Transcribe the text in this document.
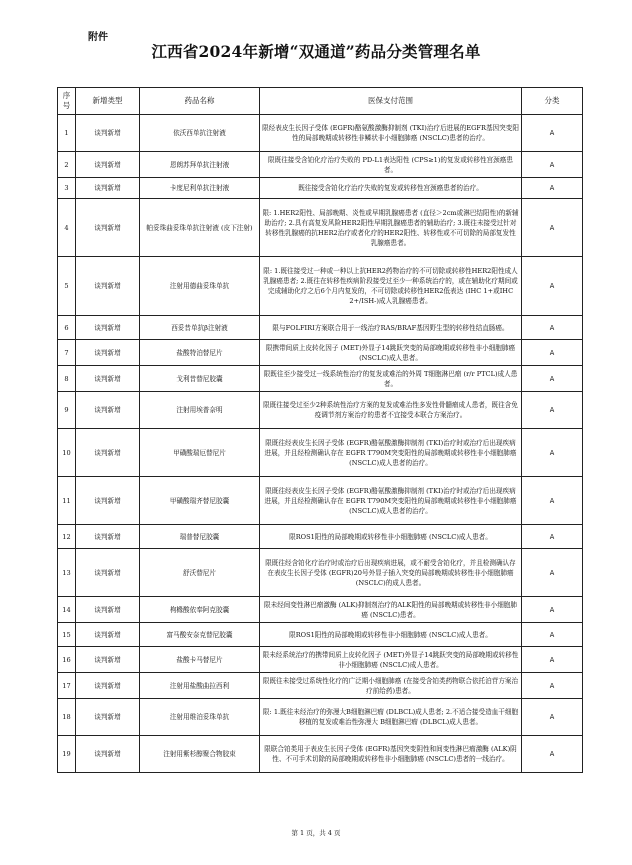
附件
江西省2024年新增“双通道”药品分类管理名单
序号	新增类型	药品名称	医保支付范围	分类
1	谈判新增	依沃西单抗注射液	限经表皮生长因子受体 (EGFR)酪氨酸激酶抑制剂 (TKI)治疗后进展的EGFR基因突变阳性的局部晚期或转移性非鳞状非小细胞肺癌 (NSCLC)患者的治疗。	A
2	谈判新增	恩朗苏拜单抗注射液	限既往接受含铂化疗治疗失败的 PD-L1表达阳性 (CPS≥1)的复发或转移性宫颈癌患者。	A
3	谈判新增	卡度尼利单抗注射液	既往接受含铂化疗治疗失败的复发或转移性宫颈癌患者的治疗。	A
4	谈判新增	帕妥珠曲妥珠单抗注射液 (皮下注射)	限: 1.HER2阳性、局部晚期、炎性或早期乳腺癌患者 (直径＞2cm或淋巴结阳性)的新辅助治疗; 2.具有高复发风险HER2阳性早期乳腺癌患者的辅助治疗; 3.既往未接受过针对转移性乳腺癌的抗HER2治疗或者化疗的HER2阳性、转移性或不可切除的局部复发性乳腺癌患者。	A
5	谈判新增	注射用德曲妥珠单抗	限: 1.既往接受过一种或一种以上抗HER2药物治疗的不可切除或转移性HER2阳性成人乳腺癌患者; 2.既往在转移性疾病阶段接受过至少一种系统治疗的，或在辅助化疗期间或完成辅助化疗之后6个月内复发的，不可切除或转移性HER2低表达 (IHC 1+或IHC 2+/ISH-)成人乳腺癌患者。	A
6	谈判新增	西妥昔单抗β注射液	限与FOLFIRI方案联合用于一线治疗RAS/BRAF基因野生型的转移性结直肠癌。	A
7	谈判新增	盐酸特泊替尼片	限携带间质上皮转化因子 (MET)外显子14跳跃突变的局部晚期或转移性非小细胞肺癌 (NSCLC)成人患者。	A
8	谈判新增	戈利昔替尼胶囊	限既往至少接受过一线系统性治疗的复发或难治的外周 T细胞淋巴瘤 (r/r PTCL)成人患者。	A
9	谈判新增	注射用埃普奈明	限既往接受过至少2种系统性治疗方案的复发或难治性多发性骨髓瘤成人患者，既往含免疫调节剂方案治疗的患者不宜接受本联合方案治疗。	A
10	谈判新增	甲磺酸瑞厄替尼片	限既往经表皮生长因子受体 (EGFR)酪氨酸激酶抑制剂 (TKI)治疗时或治疗后出现疾病进展，并且经检测确认存在 EGFR T790M突变阳性的局部晚期或转移性非小细胞肺癌 (NSCLC)成人患者的治疗。	A
11	谈判新增	甲磺酸瑞齐替尼胶囊	限既往经表皮生长因子受体 (EGFR)酪氨酸激酶抑制剂 (TKI)治疗时或治疗后出现疾病进展，并且经检测确认存在 EGFR T790M突变阳性的局部晚期或转移性非小细胞肺癌 (NSCLC)成人患者的治疗。	A
12	谈判新增	瑞普替尼胶囊	限ROS1阳性的局部晚期或转移性非小细胞肺癌 (NSCLC)成人患者。	A
13	谈判新增	舒沃替尼片	限既往经含铂化疗治疗时或治疗后出现疾病进展，或不耐受含铂化疗，并且检测确认存在表皮生长因子受体 (EGFR)20号外显子插入突变的局部晚期或转移性非小细胞肺癌 (NSCLC)的成人患者。	A
14	谈判新增	枸橼酸依奉阿克胶囊	限未经间变性淋巴瘤激酶 (ALK)抑制剂治疗的ALK阳性的局部晚期或转移性非小细胞肺癌 (NSCLC)患者。	A
15	谈判新增	富马酸安奈克替尼胶囊	限ROS1阳性的局部晚期或转移性非小细胞肺癌 (NSCLC)成人患者。	A
16	谈判新增	盐酸卡马替尼片	限未经系统治疗的携带间质上皮转化因子 (MET)外显子14跳跃突变的局部晚期或转移性非小细胞肺癌 (NSCLC)成人患者。	A
17	谈判新增	注射用盐酸曲拉西利	限既往未接受过系统性化疗的广泛期小细胞肺癌 (在接受含铂类药物联合依托泊苷方案治疗前给药)患者。	A
18	谈判新增	注射用维泊妥珠单抗	限: 1.既往未经治疗的弥漫大B细胞淋巴瘤 (DLBCL)成人患者; 2.不适合接受造血干细胞移植的复发或难治性弥漫大 B细胞淋巴瘤 (DLBCL)成人患者。	A
19	谈判新增	注射用紫杉醇聚合物胶束	限联合铂类用于表皮生长因子受体 (EGFR)基因突变阴性和间变性淋巴瘤激酶 (ALK)阴性、不可手术切除的局部晚期或转移性非小细胞肺癌 (NSCLC)患者的一线治疗。	A
第 1 页，共 4 页
